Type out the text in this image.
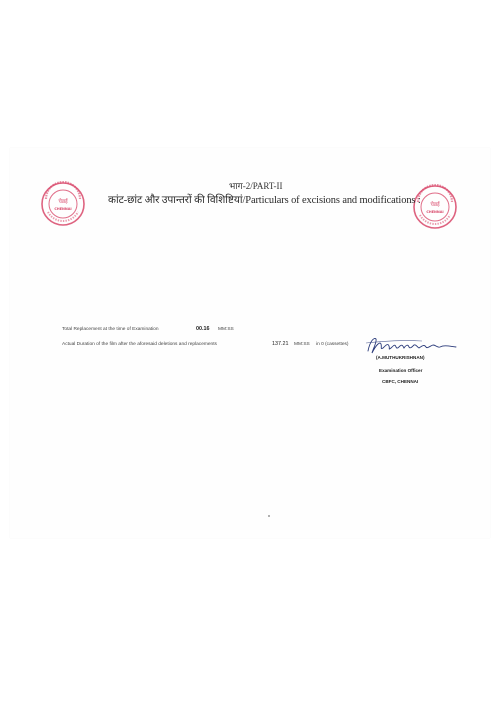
चेन्नई
CHENNAI
चेन्नई
CHENNAI
भाग-2/PART-II
कांट-छांट और उपान्तरों की विशिष्टियां/Particulars of excisions and modifications :
Total Replacement at the time of Examination	00.16 MM:SS
Actual Duration of the film after the aforesaid deletions and replacements	137.21 MM:SS in 0 (cassettes)
(A.MUTHUKRISHNAN)
Examination Officer
CBFC, CHENNAI
